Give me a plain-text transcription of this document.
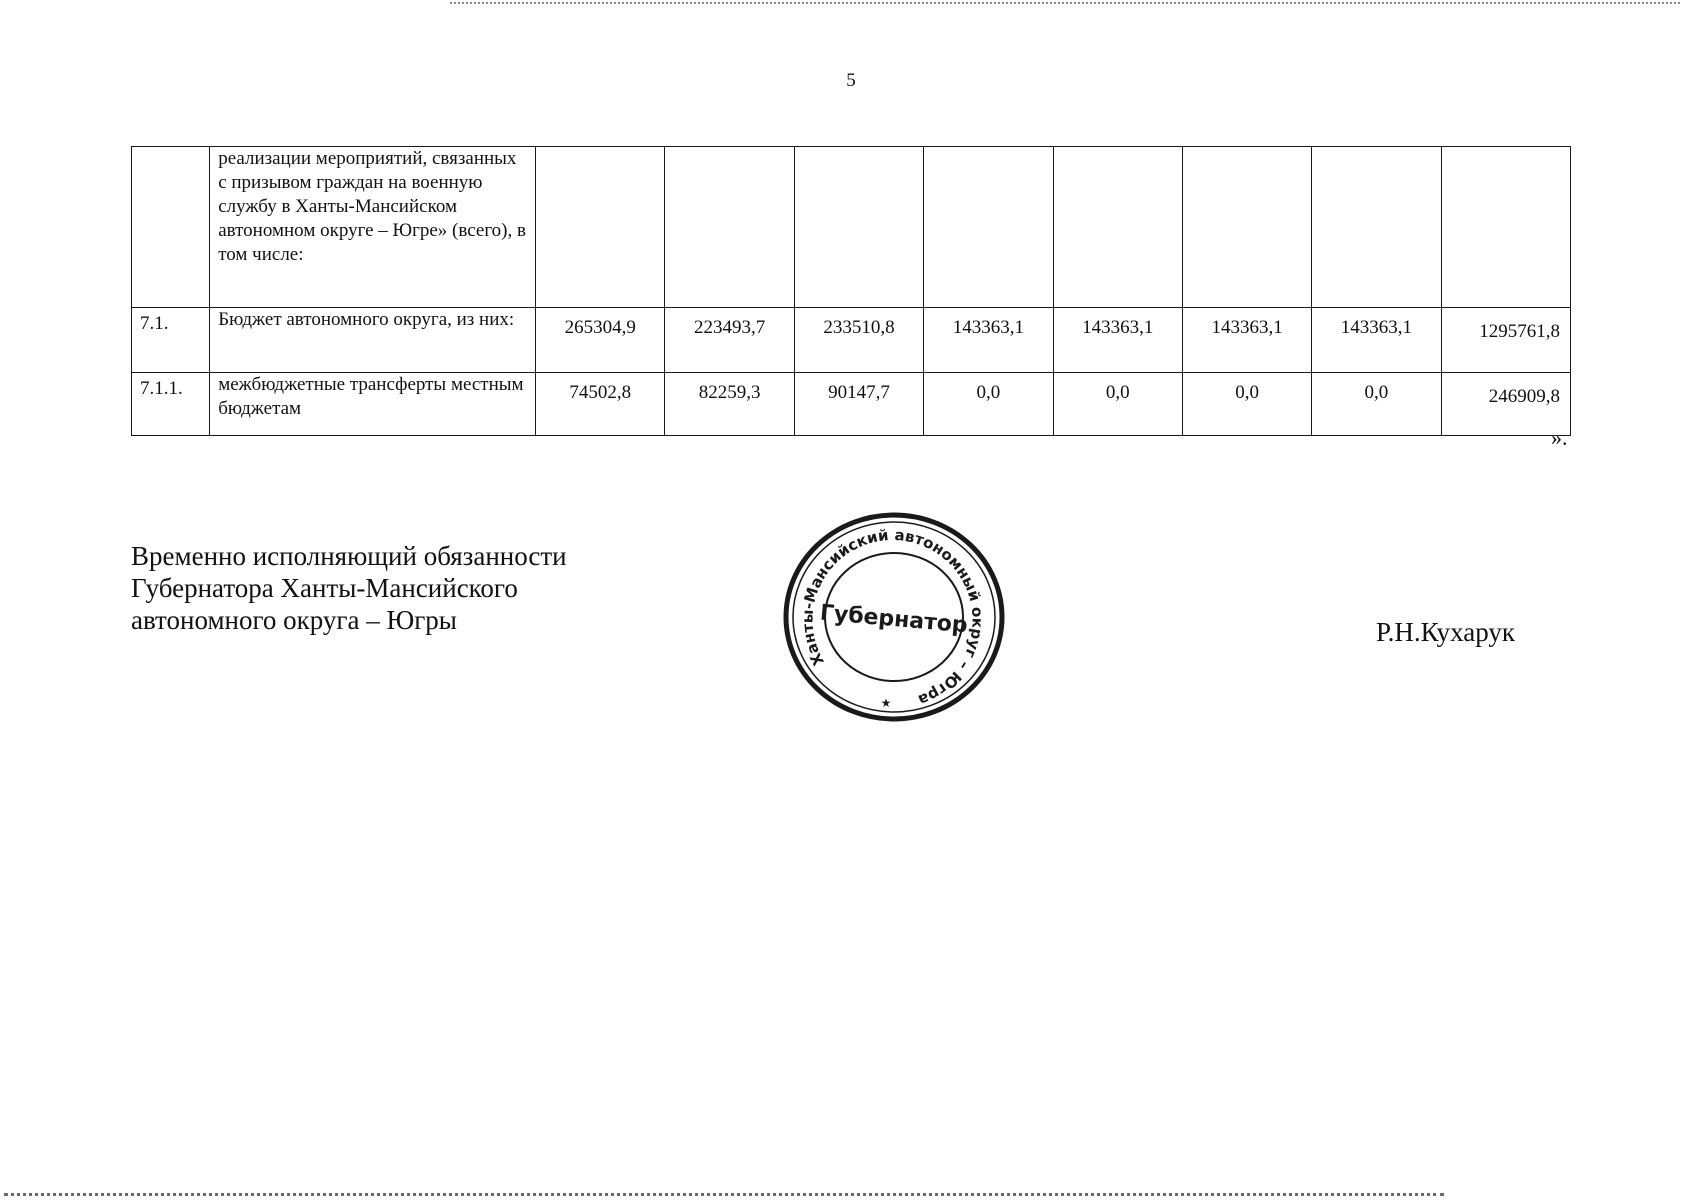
5
	реализации мероприятий, связанных с призывом граждан на военную службу в Ханты-Мансийском автономном округе – Югре» (всего), в том числе:								
7.1.	Бюджет автономного округа, из них:	265304,9	223493,7	233510,8	143363,1	143363,1	143363,1	143363,1	1295761,8
7.1.1.	межбюджетные трансферты местным бюджетам	74502,8	82259,3	90147,7	0,0	0,0	0,0	0,0	246909,8
».
Временно исполняющий обязанности
Губернатора Ханты-Мансийского
автономного округа – Югры
Ханты-Мансийский автономный округ – Югра
Губернатор
★
Р.Н.Кухарук
